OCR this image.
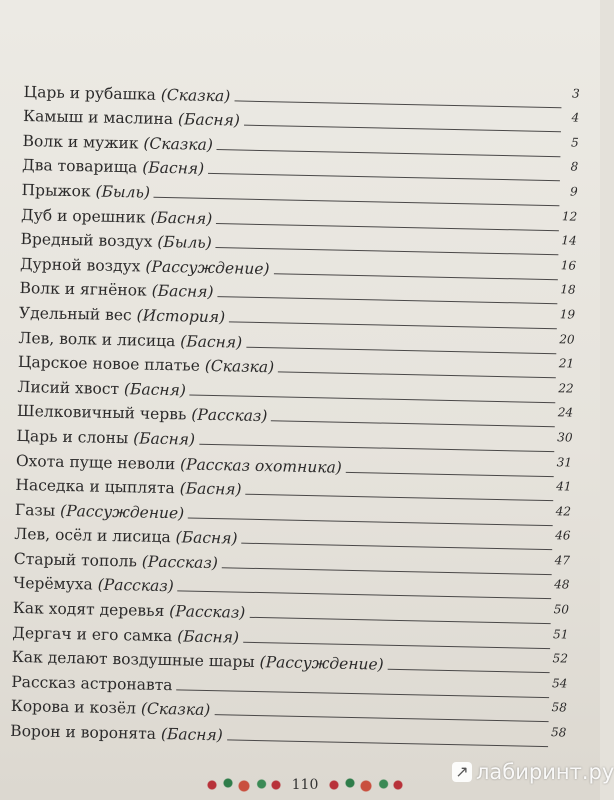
Царь и рубашка (Сказка)	3
Камыш и маслина (Басня)	4
Волк и мужик (Сказка)	5
Два товарища (Басня)	8
Прыжок (Быль)	9
Дуб и орешник (Басня)	12
Вредный воздух (Быль)	14
Дурной воздух (Рассуждение)	16
Волк и ягнёнок (Басня)	18
Удельный вес (История)	19
Лев, волк и лисица (Басня)	20
Царское новое платье (Сказка)	21
Лисий хвост (Басня)	22
Шелковичный червь (Рассказ)	24
Царь и слоны (Басня)	30
Охота пуще неволи (Рассказ охотника)	31
Наседка и цыплята (Басня)	41
Газы (Рассуждение)	42
Лев, осёл и лисица (Басня)	46
Старый тополь (Рассказ)	47
Черёмуха (Рассказ)	48
Как ходят деревья (Рассказ)	50
Дергач и его самка (Басня)	51
Как делают воздушные шары (Рассуждение)	52
Рассказ астронавта	54
Корова и козёл (Сказка)	58
Ворон и воронята (Басня)	58
110
↗ лабиринт.ру
